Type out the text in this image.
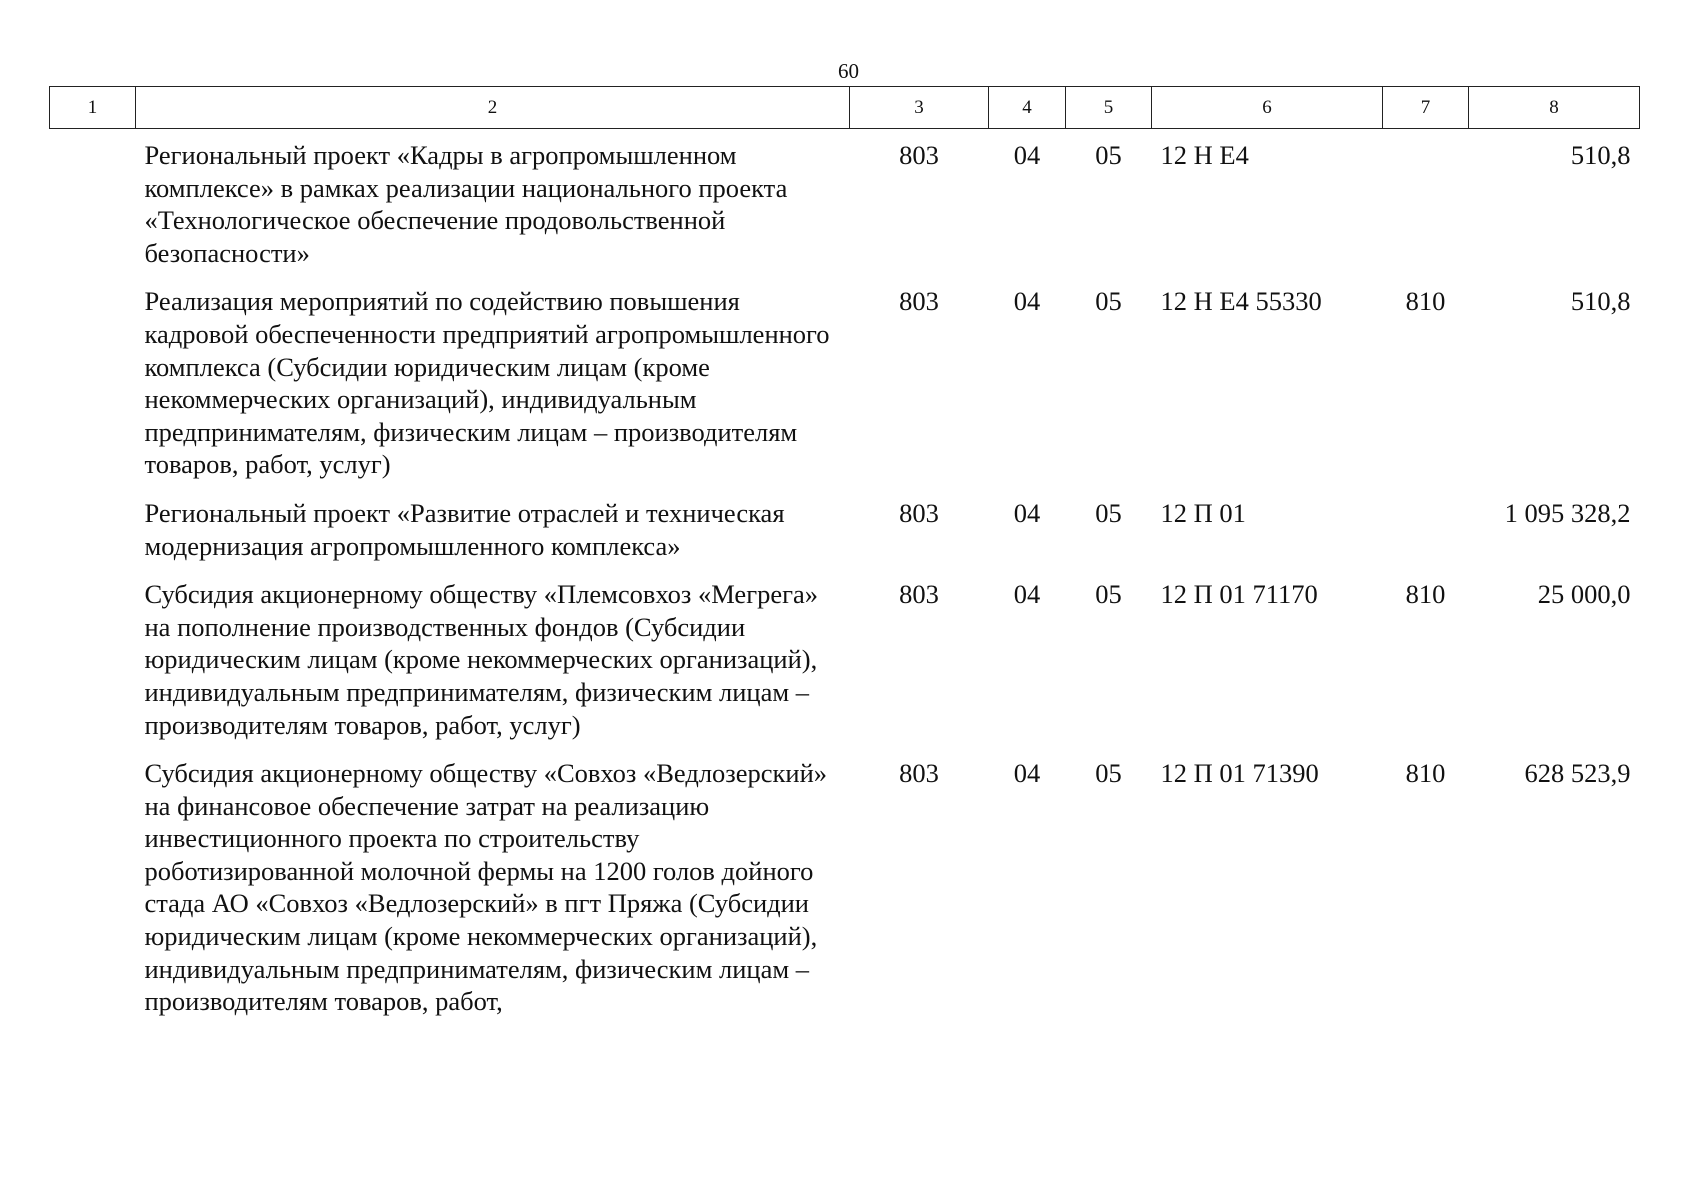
60
1	2	3	4	5	6	7	8
	Региональный проект «Кадры в агропромышленном комплексе» в рамках реализации национального проекта «Технологическое обеспечение продовольственной безопасности»	803	04	05	12 Н Е4		510,8
	Реализация мероприятий по содействию повышения кадровой обеспеченности предприятий агропромышленного комплекса (Субсидии юридическим лицам (кроме некоммерческих организаций), индивидуальным предпринимателям, физическим лицам – производителям товаров, работ, услуг)	803	04	05	12 Н Е4 55330	810	510,8
	Региональный проект «Развитие отраслей и техническая модернизация агропромышленного комплекса»	803	04	05	12 П 01		1 095 328,2
	Субсидия акционерному обществу «Племсовхоз «Мегрега» на пополнение производственных фондов (Субсидии юридическим лицам (кроме некоммерческих организаций), индивидуальным предпринимателям, физическим лицам – производителям товаров, работ, услуг)	803	04	05	12 П 01 71170	810	25 000,0
	Субсидия акционерному обществу «Совхоз «Ведлозерский» на финансовое обеспечение затрат на реализацию инвестиционного проекта по строительству роботизированной молочной фермы на 1200 голов дойного стада АО «Совхоз «Ведлозерский» в пгт Пряжа (Субсидии юридическим лицам (кроме некоммерческих организаций), индивидуальным предпринимателям, физическим лицам – производителям товаров, работ,	803	04	05	12 П 01 71390	810	628 523,9
